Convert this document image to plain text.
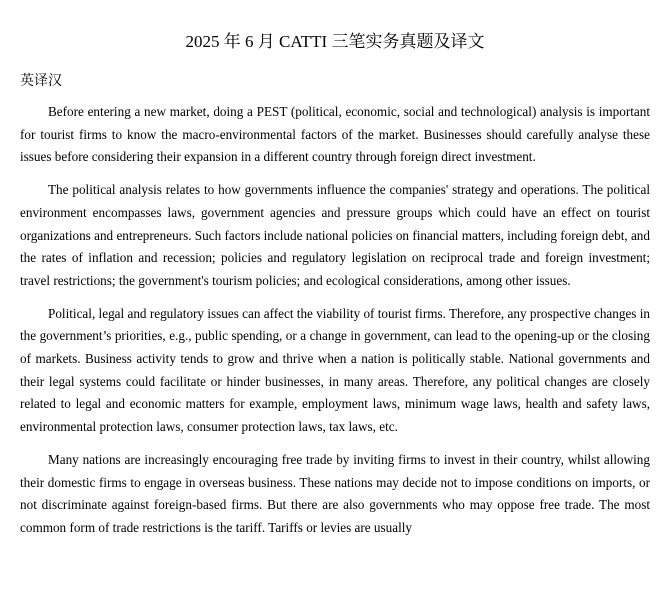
2025 年 6 月 CATTI 三笔实务真题及译文
英译汉

Before entering a new market, doing a PEST (political, economic, social and technological) analysis is important for tourist firms to know the macro-environmental factors of the market. Businesses should carefully analyse these issues before considering their expansion in a different country through foreign direct investment.

The political analysis relates to how governments influence the companies' strategy and operations. The political environment encompasses laws, government agencies and pressure groups which could have an effect on tourist organizations and entrepreneurs. Such factors include national policies on financial matters, including foreign debt, and the rates of inflation and recession; policies and regulatory legislation on reciprocal trade and foreign investment; travel restrictions; the government's tourism policies; and ecological considerations, among other issues.

Political, legal and regulatory issues can affect the viability of tourist firms. Therefore, any prospective changes in the government’s priorities, e.g., public spending, or a change in government, can lead to the opening-up or the closing of markets. Business activity tends to grow and thrive when a nation is politically stable. National governments and their legal systems could facilitate or hinder businesses, in many areas. Therefore, any political changes are closely related to legal and economic matters for example, employment laws, minimum wage laws, health and safety laws, environmental protection laws, consumer protection laws, tax laws, etc.

Many nations are increasingly encouraging free trade by inviting firms to invest in their country, whilst allowing their domestic firms to engage in overseas business. These nations may decide not to impose conditions on imports, or not discriminate against foreign-based firms. But there are also governments who may oppose free trade. The most common form of trade restrictions is the tariff. Tariffs or levies are usually
